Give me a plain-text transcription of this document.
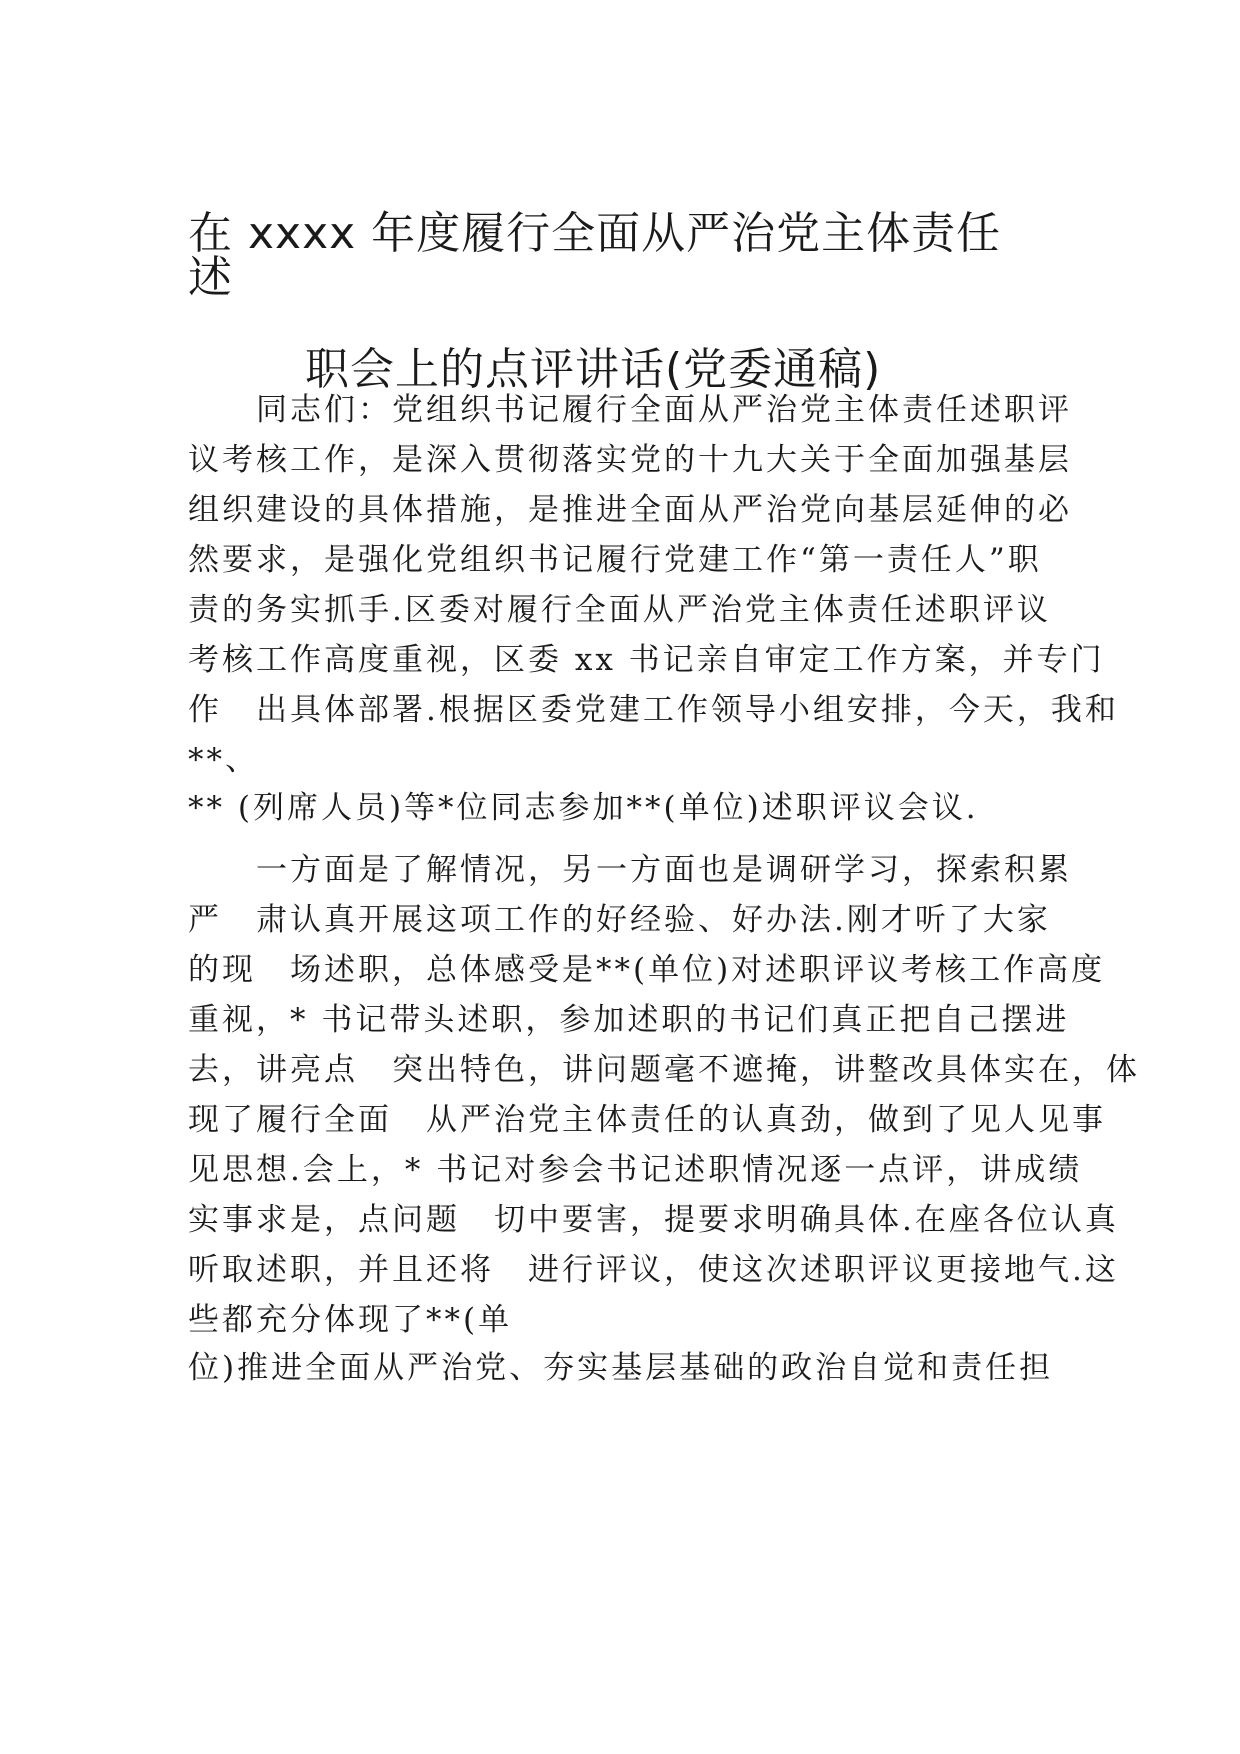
在 xxxx 年度履行全面从严治党主体责任
述
职会上的点评讲话(党委通稿)
　　同志们：党组织书记履行全面从严治党主体责任述职评
议考核工作，是深入贯彻落实党的十九大关于全面加强基层
组织建设的具体措施，是推进全面从严治党向基层延伸的必
然要求，是强化党组织书记履行党建工作“第一责任人”职
责的务实抓手.区委对履行全面从严治党主体责任述职评议
考核工作高度重视，区委 xx 书记亲自审定工作方案，并专门
作　出具体部署.根据区委党建工作领导小组安排，今天，我和
**、
** (列席人员)等*位同志参加**(单位)述职评议会议.
　　一方面是了解情况，另一方面也是调研学习，探索积累
严　肃认真开展这项工作的好经验、好办法.刚才听了大家
的现　场述职，总体感受是**(单位)对述职评议考核工作高度
重视，* 书记带头述职，参加述职的书记们真正把自己摆进
去，讲亮点　突出特色，讲问题毫不遮掩，讲整改具体实在，体
现了履行全面　从严治党主体责任的认真劲，做到了见人见事
见思想.会上，* 书记对参会书记述职情况逐一点评，讲成绩
实事求是，点问题　切中要害，提要求明确具体.在座各位认真
听取述职，并且还将　进行评议，使这次述职评议更接地气.这
些都充分体现了**(单
位)推进全面从严治党、夯实基层基础的政治自觉和责任担
